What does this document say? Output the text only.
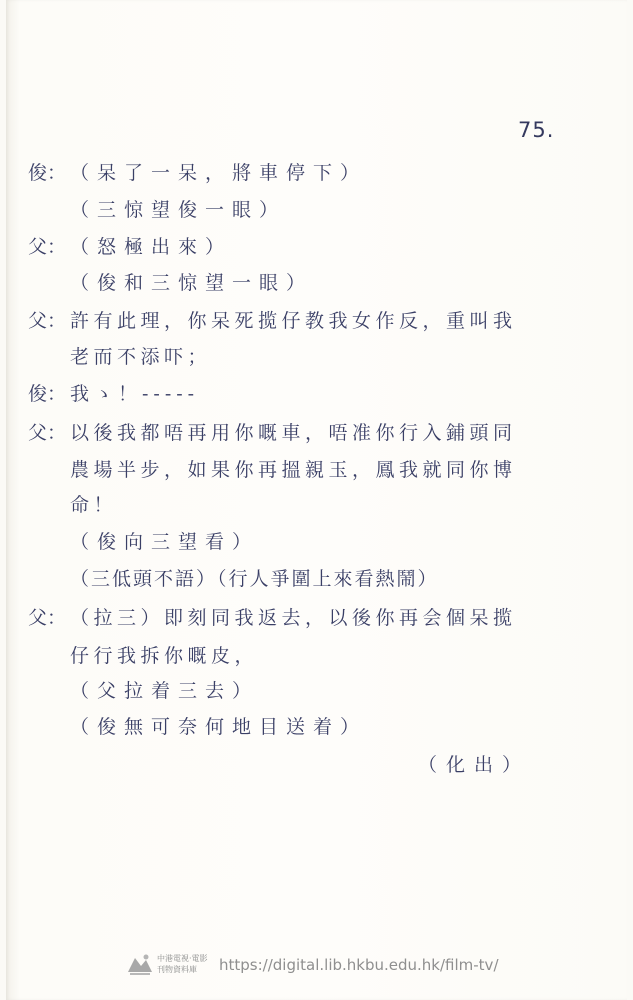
75.
俊： （呆了一呆，將車停下）
（三惊望俊一眼）
父： （怒極出來）
（俊和三惊望一眼）
父： 許有此理，你呆死揽仔教我女作反，重叫我
老而不添吓；
俊： 我ゝ！-----
父： 以後我都唔再用你嘅車，唔准你行入鋪頭同
農場半步，如果你再搵親玉，鳳我就同你博
命！
（俊向三望看）
（三低頭不語）（行人爭圍上來看熱鬧）
父： （拉三）即刻同我返去，以後你再会個呆揽
仔行我拆你嘅皮，
（父拉着三去）
（俊無可奈何地目送着）
（化出）
中港電視·電影
刊物資料庫	https://digital.lib.hkbu.edu.hk/film-tv/
